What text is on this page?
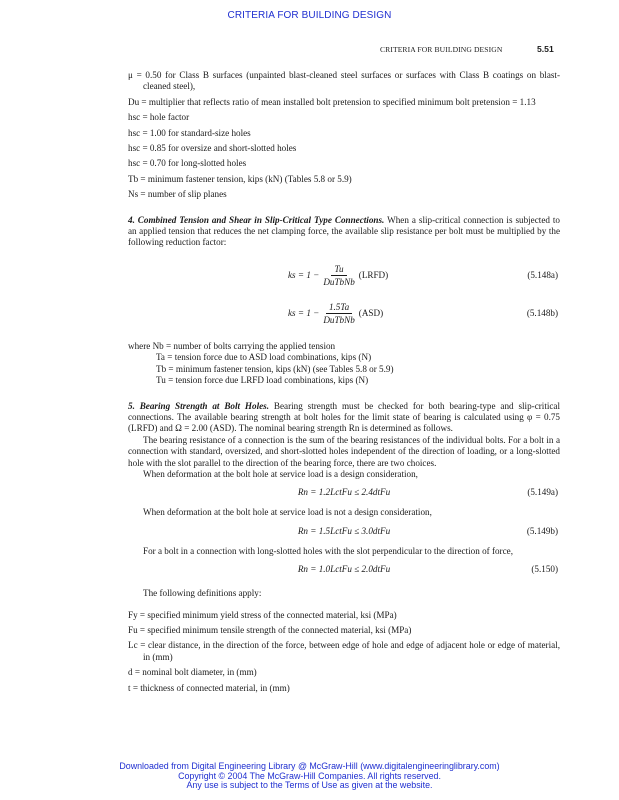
CRITERIA FOR BUILDING DESIGN
CRITERIA FOR BUILDING DESIGN	5.51

μ = 0.50 for Class B surfaces (unpainted blast-cleaned steel surfaces or surfaces with Class B coatings on blast-cleaned steel),

Du = multiplier that reflects ratio of mean installed bolt pretension to specified minimum bolt pretension = 1.13

hsc = hole factor

hsc = 1.00 for standard-size holes

hsc = 0.85 for oversize and short-slotted holes

hsc = 0.70 for long-slotted holes

Tb = minimum fastener tension, kips (kN) (Tables 5.8 or 5.9)

Ns = number of slip planes

4. Combined Tension and Shear in Slip-Critical Type Connections. When a slip-critical connection is subjected to an applied tension that reduces the net clamping force, the available slip resistance per bolt must be multiplied by the following reduction factor:

ks = $1 - \frac{Tu}{\text{DuTbNb}}$ (LRFD)	(5.148a)
ks = $1 - \frac{1.5Ta}{\text{DuTbNb}} (ASD)$	(5.148b)

where Nb = number of bolts carrying the applied tension

Ta = tension force due to ASD load combinations, kips (N)

Tb = minimum fastener tension, kips (kN) (see Tables 5.8 or 5.9)

Tu = tension force due LRFD load combinations, kips (N)

5. Bearing Strength at Bolt Holes. Bearing strength must be checked for both bearing-type and slip-critical connections. The available bearing strength at bolt holes for the limit state of bearing is calculated using φ = 0.75 (LRFD) and Ω = 2.00 (ASD). The nominal bearing strength Rn is determined as follows.

The bearing resistance of a connection is the sum of the bearing resistances of the individual bolts. For a bolt in a connection with standard, oversized, and short-slotted holes independent of the direction of loading, or a long-slotted hole with the slot parallel to the direction of the bearing force, there are two choices.

When deformation at the bolt hole at service load is a design consideration,

Rn = 1.2LctFu ≤ 2.4dtFu	(5.149a)

When deformation at the bolt hole at service load is not a design consideration,

Rn = 1.5LctFu ≤ 3.0dtFu	(5.149b)

For a bolt in a connection with long-slotted holes with the slot perpendicular to the direction of force,

Rn = 1.0LctFu ≤ 2.0dtFu	(5.150)

The following definitions apply:

Fy = specified minimum yield stress of the connected material, ksi (MPa)

Fu = specified minimum tensile strength of the connected material, ksi (MPa)

Lc = clear distance, in the direction of the force, between edge of hole and edge of adjacent hole or edge of material, in (mm)

d = nominal bolt diameter, in (mm)

t = thickness of connected material, in (mm)

Downloaded from Digital Engineering Library @ McGraw-Hill (www.digitalengineeringlibrary.com)
Copyright © 2004 The McGraw-Hill Companies. All rights reserved.
Any use is subject to the Terms of Use as given at the website.
